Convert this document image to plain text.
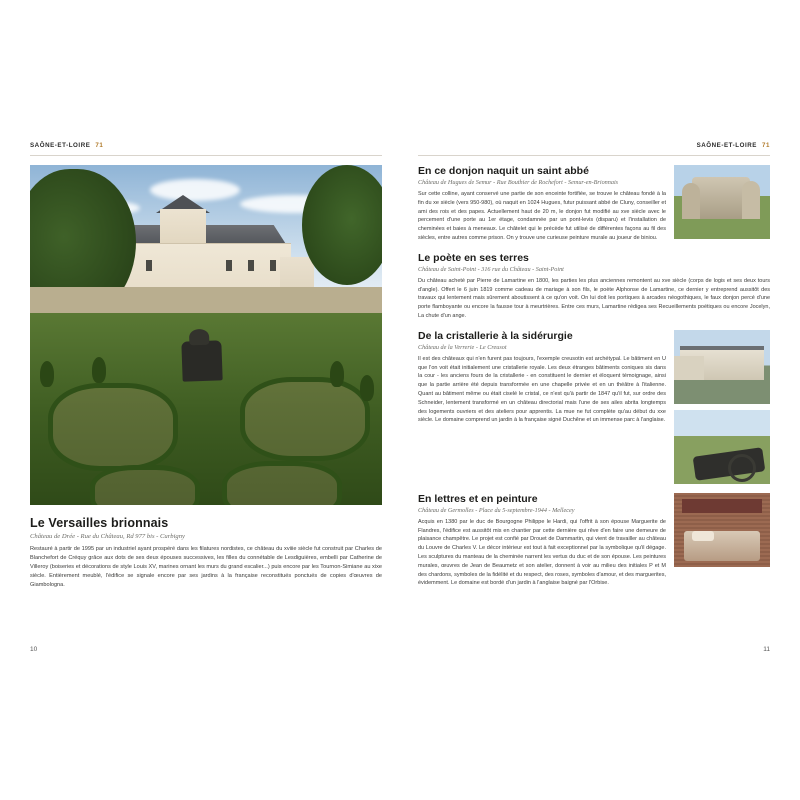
SAÔNE-ET-LOIRE 71
Le Versailles brionnais
Château de Drée - Rue du Château, Rd 977 bis - Curbigny
Restauré à partir de 1995 par un industriel ayant prospéré dans les filatures nordistes, ce château du xviiie siècle fut construit par Charles de Blanchefort de Créquy grâce aux dots de ses deux épouses successives, les filles du connétable de Lesdiguières, embelli par Catherine de Villeroy (boiseries et décorations de style Louis XV, marines ornant les murs du grand escalier...) puis encore par les Tournon-Simiane au xixe siècle. Entièrement meublé, l'édifice se signale encore par ses jardins à la française reconstitués ponctués de copies d'œuvres de Giambologna.
10
SAÔNE-ET-LOIRE 71
En ce donjon naquit un saint abbé
Château de Hugues de Semur - Rue Bouthier de Rochefort - Semur-en-Brionnais
Sur cette colline, ayant conservé une partie de son enceinte fortifiée, se trouve le château fondé à la fin du xe siècle (vers 950-980), où naquit en 1024 Hugues, futur puissant abbé de Cluny, conseiller et ami des rois et des papes. Actuellement haut de 20 m, le donjon fut modifié au xve siècle avec le percement d'une porte au 1er étage, condamnée par un pont-levis (disparu) et l'installation de cheminées et baies à meneaux. Le châtelet qui le précède fut utilisé de différentes façons au fil des siècles, entre autres comme prison. On y trouve une curieuse peinture murale au joueur de biniou.
Le poète en ses terres
Château de Saint-Point - 316 rue du Château - Saint-Point
Du château acheté par Pierre de Lamartine en 1800, les parties les plus anciennes remontent au xve siècle (corps de logis et ses deux tours d'angle). Offert le 6 juin 1819 comme cadeau de mariage à son fils, le poète Alphonse de Lamartine, ce dernier y entreprend aussitôt des travaux qui lentement mais sûrement aboutissent à ce qu'on voit. On lui doit les portiques à arcades néogothiques, le faux donjon percé d'une porte flamboyante ou encore la fausse tour à meurtrières. Entre ces murs, Lamartine rédigea ses Recueillements poétiques ou encore Jocelyn, La chute d'un ange.
De la cristallerie à la sidérurgie
Château de la Verrerie - Le Creusot
Il est des châteaux qui n'en furent pas toujours, l'exemple creusotin est archétypal. Le bâtiment en U que l'on voit était initialement une cristallerie royale. Les deux étranges bâtiments coniques sis dans la cour - les anciens fours de la cristallerie - en constituent le dernier et éloquent témoignage, ainsi que la partie arrière été depuis transformée en une chapelle privée et en un théâtre à l'italienne. Quant au bâtiment même ou était ciselé le cristal, ce n'est qu'à partir de 1847 qu'il fut, sur ordre des Schneider, lentement transformé en un château directorial mais l'une de ses ailes abrita longtemps des logements ouvriers et des ateliers pour apprentis. La mue ne fut complète qu'au début du xxe siècle. Le domaine comprend un jardin à la française signé Duchêne et un immense parc à l'anglaise.
En lettres et en peinture
Château de Germolles - Place du 5-septembre-1944 - Mellecey
Acquis en 1380 par le duc de Bourgogne Philippe le Hardi, qui l'offrit à son épouse Marguerite de Flandres, l'édifice est aussitôt mis en chantier par cette dernière qui rêve d'en faire une demeure de plaisance champêtre. Le projet est confié par Drouet de Dammartin, qui vient de travailler au château du Louvre de Charles V. Le décor intérieur est tout à fait exceptionnel par la symbolique qu'il dégage. Les sculptures du manteau de la cheminée narrent les vertus du duc et de son épouse. Les peintures murales, œuvres de Jean de Beaumetz et son atelier, donnent à voir au milieu des initiales P et M des chardons, symboles de la fidélité et du respect, des roses, symboles d'amour, et des marguerites, évidemment. Le domaine est bordé d'un jardin à l'anglaise baigné par l'Orbise.
11
